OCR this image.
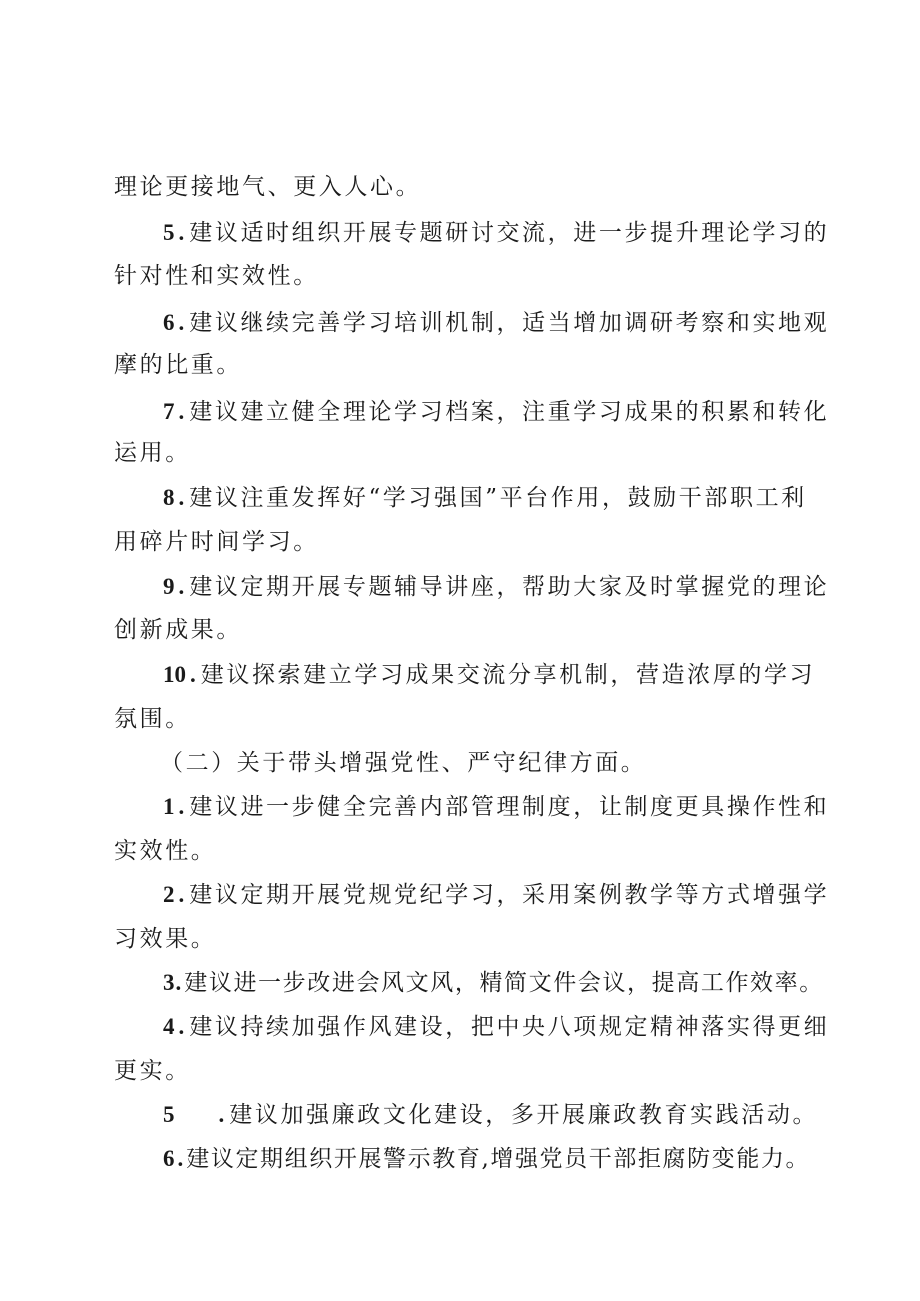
理论更接地气、更入人心。
5 . 建议适时组织开展专题研讨交流，进一步提升理论学习的
针对性和实效性。
6 . 建议继续完善学习培训机制，适当增加调研考察和实地观
摩的比重。
7 . 建议建立健全理论学习档案，注重学习成果的积累和转化
运用。
8 . 建议注重发挥好“学习强国”平台作用，鼓励干部职工利
用碎片时间学习。
9 . 建议定期开展专题辅导讲座，帮助大家及时掌握党的理论
创新成果。
10 . 建议探索建立学习成果交流分享机制，营造浓厚的学习
氛围。
（二）关于带头增强党性、严守纪律方面。
1 . 建议进一步健全完善内部管理制度，让制度更具操作性和
实效性。
2 . 建议定期开展党规党纪学习，采用案例教学等方式增强学
习效果。
3. 建议进一步改进会风文风，精简文件会议，提高工作效率。
4 . 建议持续加强作风建设，把中央八项规定精神落实得更细
更实。
5 . 建议加强廉政文化建设，多开展廉政教育实践活动。
6 . 建议定期组织开展警示教育,增强党员干部拒腐防变能力。
